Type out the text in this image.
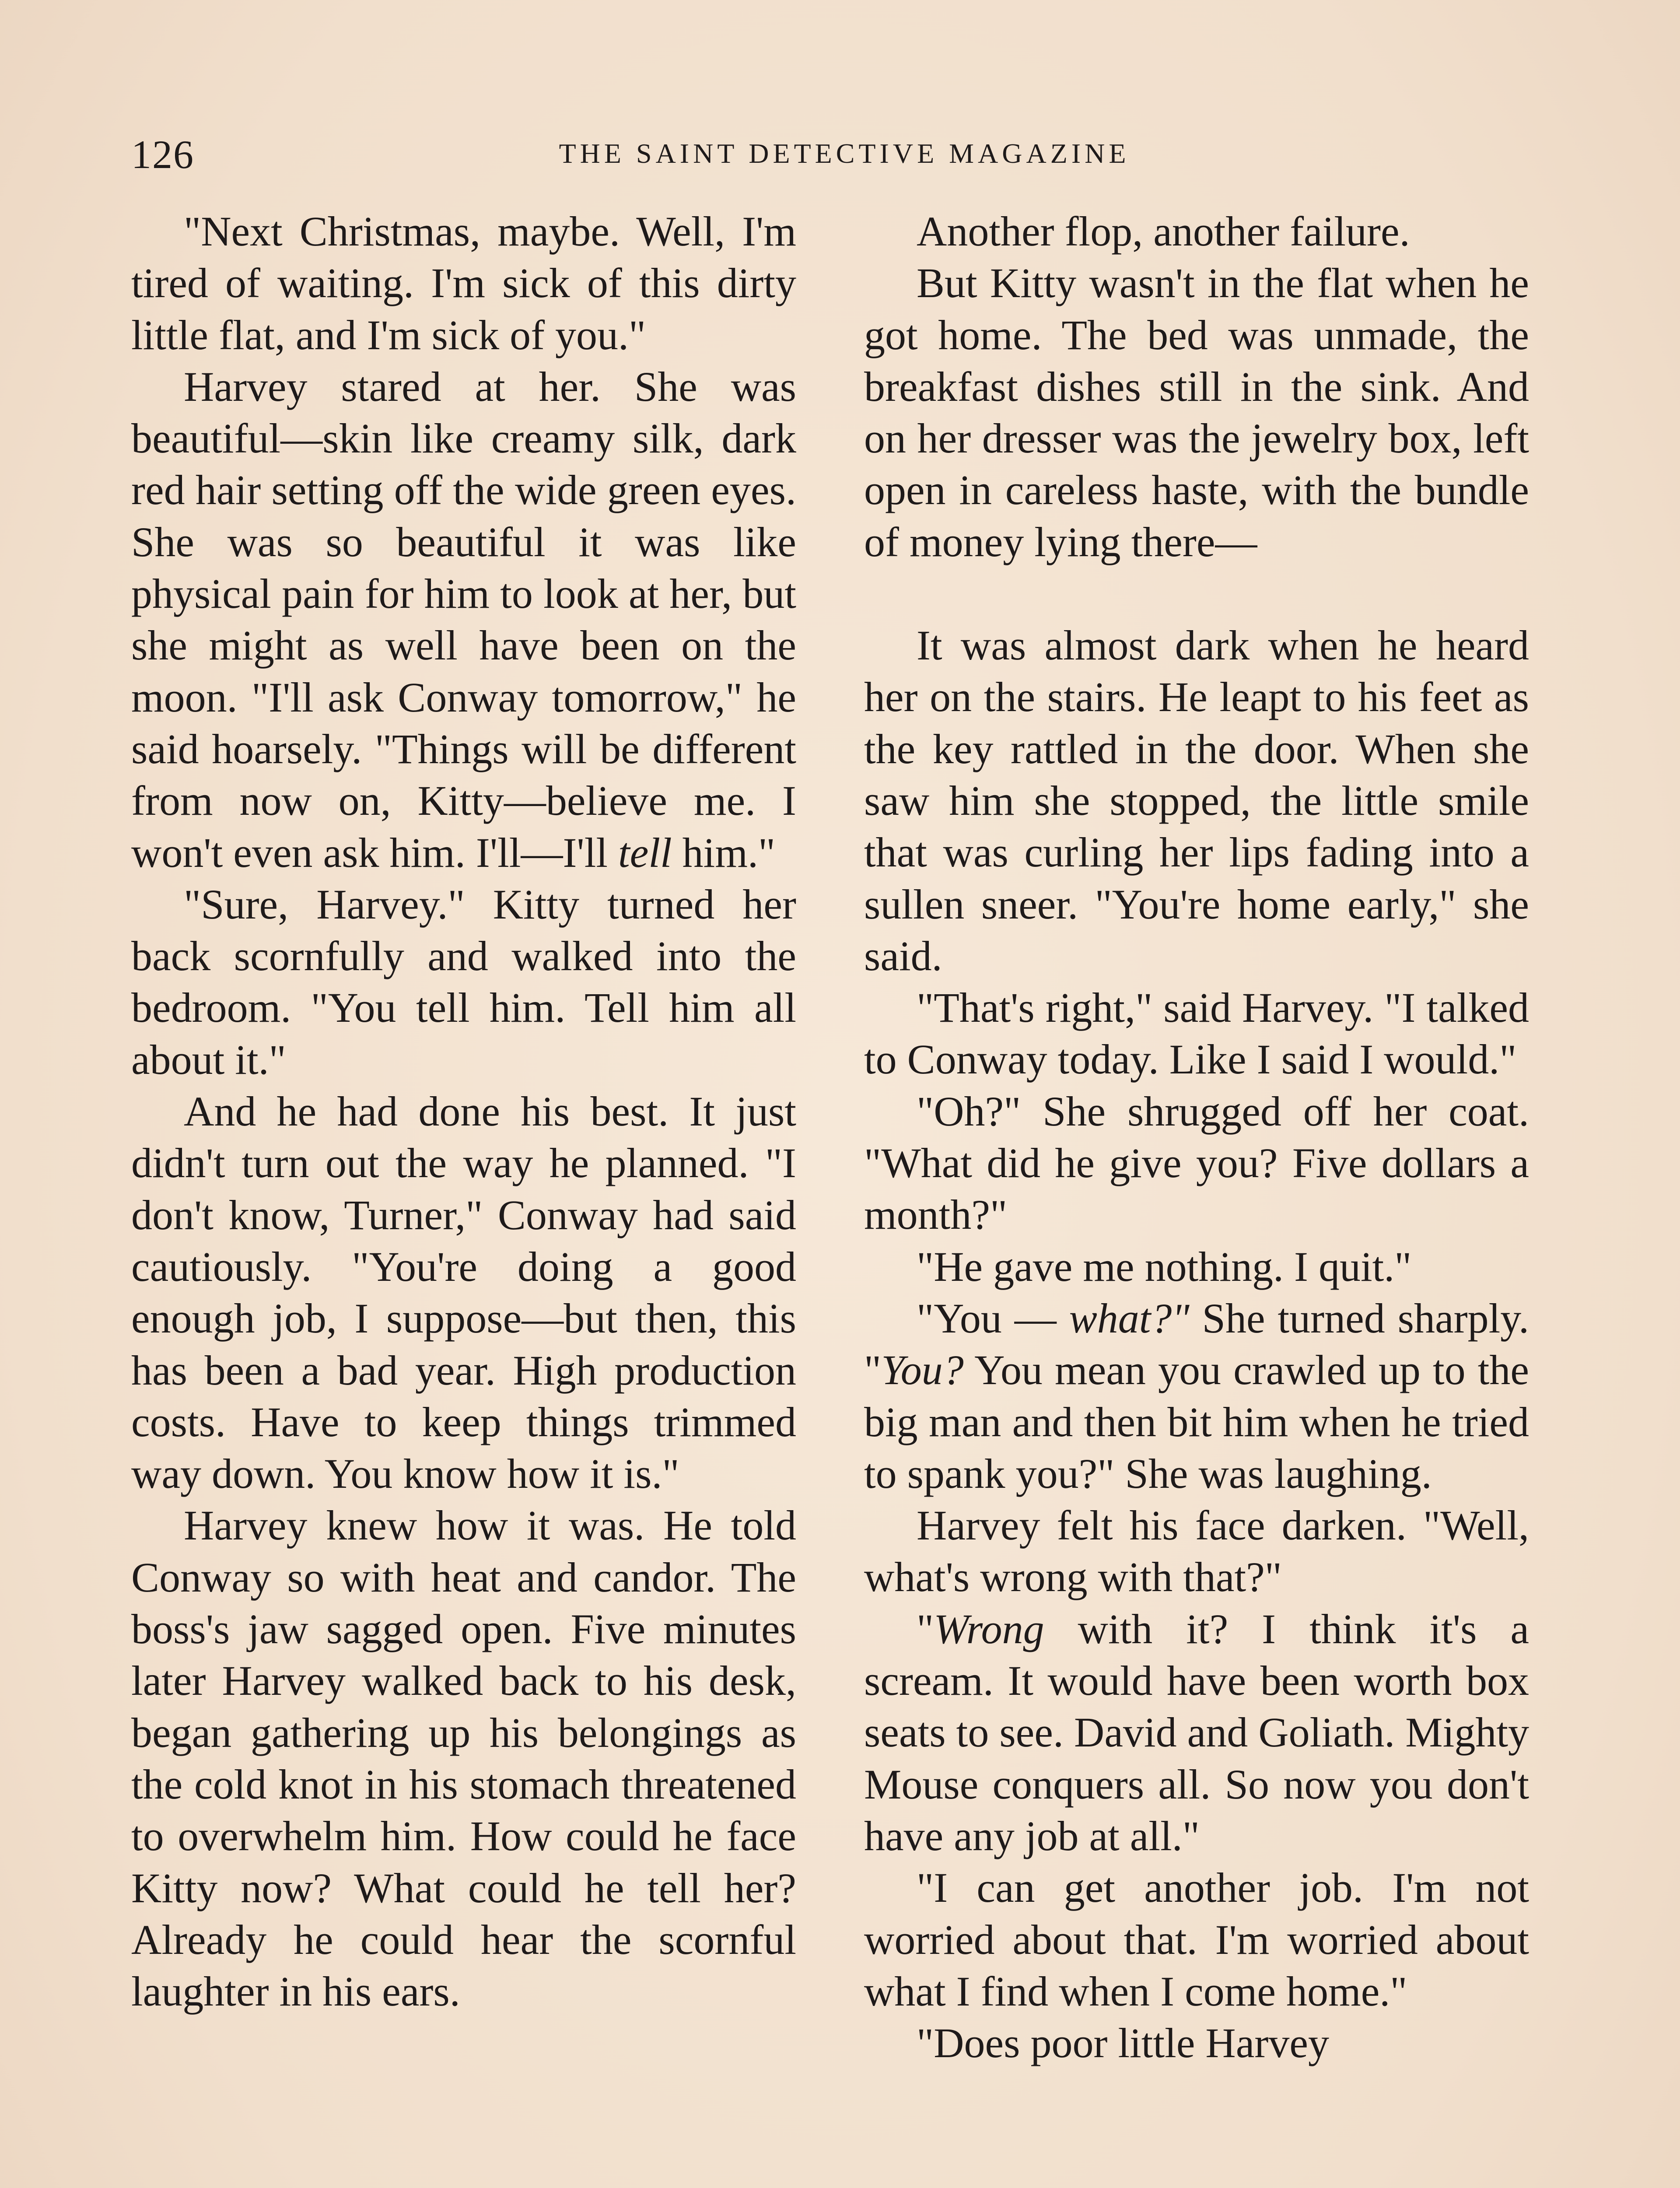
126	THE SAINT DETECTIVE MAGAZINE

"Next Christmas, maybe. Well, I'm tired of waiting. I'm sick of this dirty little flat, and I'm sick of you."

Harvey stared at her. She was beautiful—skin like creamy silk, dark red hair setting off the wide green eyes. She was so beautiful it was like physical pain for him to look at her, but she might as well have been on the moon. "I'll ask Conway tomorrow," he said hoarsely. "Things will be different from now on, Kitty—believe me. I won't even ask him. I'll—I'll tell him."

"Sure, Harvey." Kitty turned her back scornfully and walked into the bedroom. "You tell him. Tell him all about it."

And he had done his best. It just didn't turn out the way he planned. "I don't know, Turner," Conway had said cautiously. "You're doing a good enough job, I suppose—but then, this has been a bad year. High production costs. Have to keep things trimmed way down. You know how it is."

Harvey knew how it was. He told Conway so with heat and candor. The boss's jaw sagged open. Five minutes later Harvey walked back to his desk, began gathering up his belongings as the cold knot in his stomach threatened to overwhelm him. How could he face Kitty now? What could he tell her? Already he could hear the scornful laughter in his ears.

Another flop, another failure.

But Kitty wasn't in the flat when he got home. The bed was unmade, the breakfast dishes still in the sink. And on her dresser was the jewelry box, left open in careless haste, with the bundle of money lying there—

It was almost dark when he heard her on the stairs. He leapt to his feet as the key rattled in the door. When she saw him she stopped, the little smile that was curling her lips fading into a sullen sneer. "You're home early," she said.

"That's right," said Harvey. "I talked to Conway today. Like I said I would."

"Oh?" She shrugged off her coat. "What did he give you? Five dollars a month?"

"He gave me nothing. I quit."

"You — what?" She turned sharply. "You? You mean you crawled up to the big man and then bit him when he tried to spank you?" She was laughing.

Harvey felt his face darken. "Well, what's wrong with that?"

"Wrong with it? I think it's a scream. It would have been worth box seats to see. David and Goliath. Mighty Mouse conquers all. So now you don't have any job at all."

"I can get another job. I'm not worried about that. I'm worried about what I find when I come home."

"Does poor little Harvey
